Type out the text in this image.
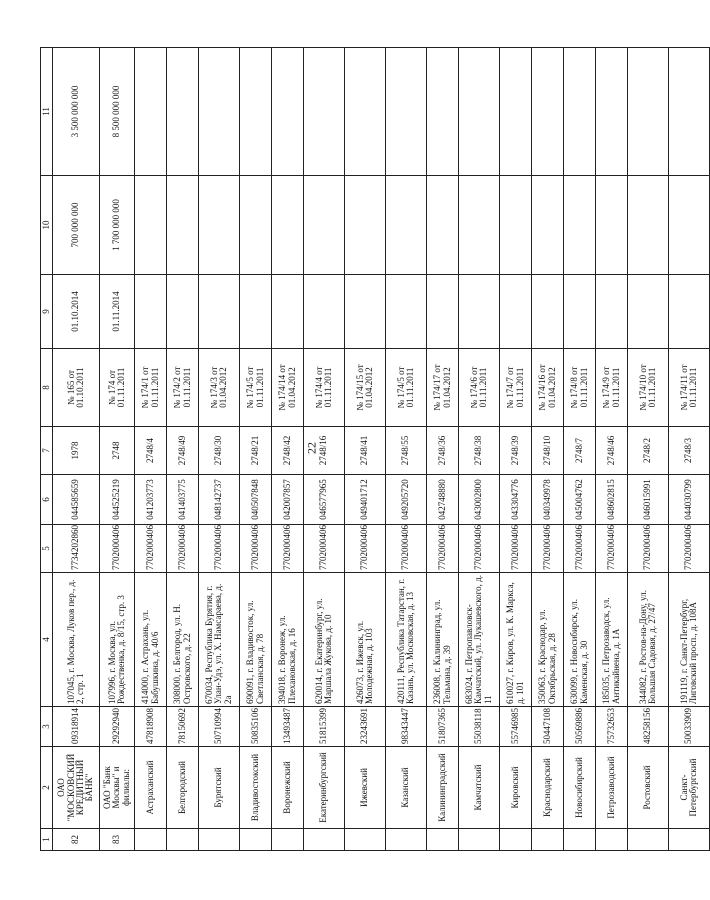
22
1	2	3	4	5	6	7	8	9	10	11
82	ОАО "МОСКОВСКИЙ КРЕДИТНЫЙ БАНК"	09318914	107045, г. Москва, Луков пер., д. 2, стр. 1	7734202860	044585659	1978	№ 165 от 01.10.2011	01.10.2014	700 000 000	3 500 000 000
83	ОАО "Банк Москвы" и филиалы:	29292940	107996, г. Москва, ул. Рождественка, д. 8/15, стр. 3	7702000406	044525219	2748	№ 174 от 01.11.2011	01.11.2014	1 700 000 000	8 500 000 000
	Астраханский	47818908	414000, г. Астрахань, ул. Бабушкина, д. 40/6	7702000406	041203773	2748/4	№ 174/1 от 01.11.2011			
	Белгородский	78150692	308000, г. Белгород, ул. Н. Островского, д. 22	7702000406	041403775	2748/49	№ 174/2 от 01.11.2011			
	Бурятский	50710994	670034, Республика Бурятия, г. Улан-Удэ, ул. Х. Намсараева, д. 2а	7702000406	048142737	2748/30	№ 174/3 от 01.04.2012			
	Владивостокский	50835106	690091, г. Владивосток, ул. Светланская, д. 78	7702000406	040507848	2748/21	№ 174/5 от 01.11.2011			
	Воронежский	13493487	394018, г. Воронеж, ул. Плехановская, д. 16	7702000406	042007857	2748/42	№ 174/14 от 01.04.2012			
	Екатеринбургский	51815399	620014, г. Екатеринбург, ул. Маршала Жукова, д. 10	7702000406	046577965	2748/16	№ 174/4 от 01.11.2011			
	Ижевский	23243691	426073, г. Ижевск, ул. Молодежная, д. 103	7702000406	049401712	2748/41	№ 174/15 от 01.04.2012			
	Казанский	98343447	420111, Республика Татарстан, г. Казань, ул. Московская, д. 13	7702000406	049205720	2748/55	№ 174/5 от 01.11.2011			
	Калининградский	51807365	236008, г. Калининград, ул. Тельмана, д. 39	7702000406	042748880	2748/36	№ 174/17 от 01.04.2012			
	Камчатский	55038118	683024, г. Петропавловск-Камчатский, ул. Лукашевского, д. 11	7702000406	043002800	2748/38	№ 174/6 от 01.11.2011			
	Кировский	55746985	610027, г. Киров, ул. К. Маркса, д. 101	7702000406	043304776	2748/39	№ 174/7 от 01.11.2011			
	Краснодарский	50447108	350063, г. Краснодар, ул. Октябрьская, д. 28	7702000406	040349978	2748/10	№ 174/16 от 01.04.2012			
	Новосибирский	50569886	630099, г. Новосибирск, ул. Каменская, д. 30	7702000406	045004762	2748/7	№ 174/8 от 01.11.2011			
	Петрозаводский	75732653	185035, г. Петрозаводск, ул. Антикайнена, д. 1А	7702000406	048602815	2748/46	№ 174/9 от 01.11.2011			
	Ростовский	48258156	344082, г. Ростов-на-Дону, ул. Большая Садовая, д. 27/47	7702000406	046015991	2748/2	№ 174/10 от 01.11.2011			
	Санкт-Петербургский	50033909	191119, г. Санкт-Петербург, Лиговский просп., д. 108А	7702000406	044030799	2748/3	№ 174/11 от 01.11.2011			
